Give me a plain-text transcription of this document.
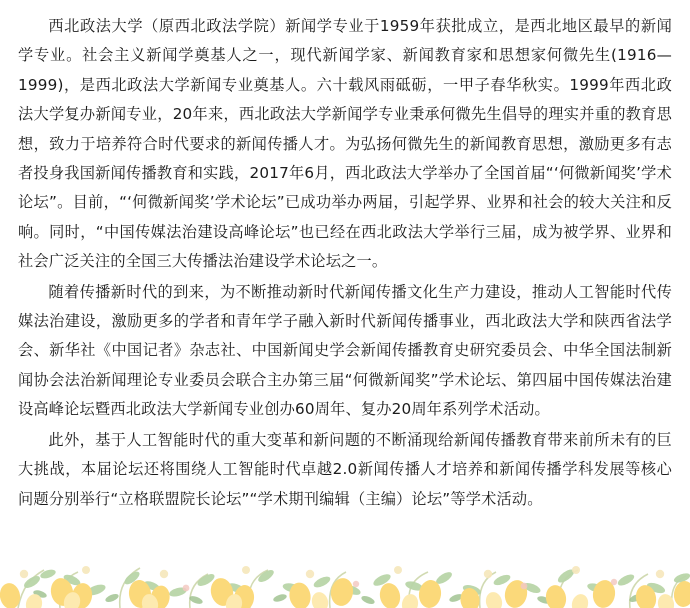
西北政法大学（原西北政法学院）新闻学专业于1959年获批成立，是西北地区最早的新闻学专业。社会主义新闻学奠基人之一，现代新闻学家、新闻教育家和思想家何微先生(1916—1999)，是西北政法大学新闻专业奠基人。六十载风雨砥砺，一甲子春华秋实。1999年西北政法大学复办新闻专业，20年来，西北政法大学新闻学专业秉承何微先生倡导的理实并重的教育思想，致力于培养符合时代要求的新闻传播人才。为弘扬何微先生的新闻教育思想，激励更多有志者投身我国新闻传播教育和实践，2017年6月，西北政法大学举办了全国首届“‘何微新闻奖’学术论坛”。目前，“‘何微新闻奖’学术论坛”已成功举办两届，引起学界、业界和社会的较大关注和反响。同时，“中国传媒法治建设高峰论坛”也已经在西北政法大学举行三届，成为被学界、业界和社会广泛关注的全国三大传播法治建设学术论坛之一。

随着传播新时代的到来，为不断推动新时代新闻传播文化生产力建设，推动人工智能时代传媒法治建设，激励更多的学者和青年学子融入新时代新闻传播事业，西北政法大学和陕西省法学会、新华社《中国记者》杂志社、中国新闻史学会新闻传播教育史研究委员会、中华全国法制新闻协会法治新闻理论专业委员会联合主办第三届“何微新闻奖”学术论坛、第四届中国传媒法治建设高峰论坛暨西北政法大学新闻专业创办60周年、复办20周年系列学术活动。

此外，基于人工智能时代的重大变革和新问题的不断涌现给新闻传播教育带来前所未有的巨大挑战，本届论坛还将围绕人工智能时代卓越2.0新闻传播人才培养和新闻传播学科发展等核心问题分别举行“立格联盟院长论坛”“学术期刊编辑（主编）论坛”等学术活动。
